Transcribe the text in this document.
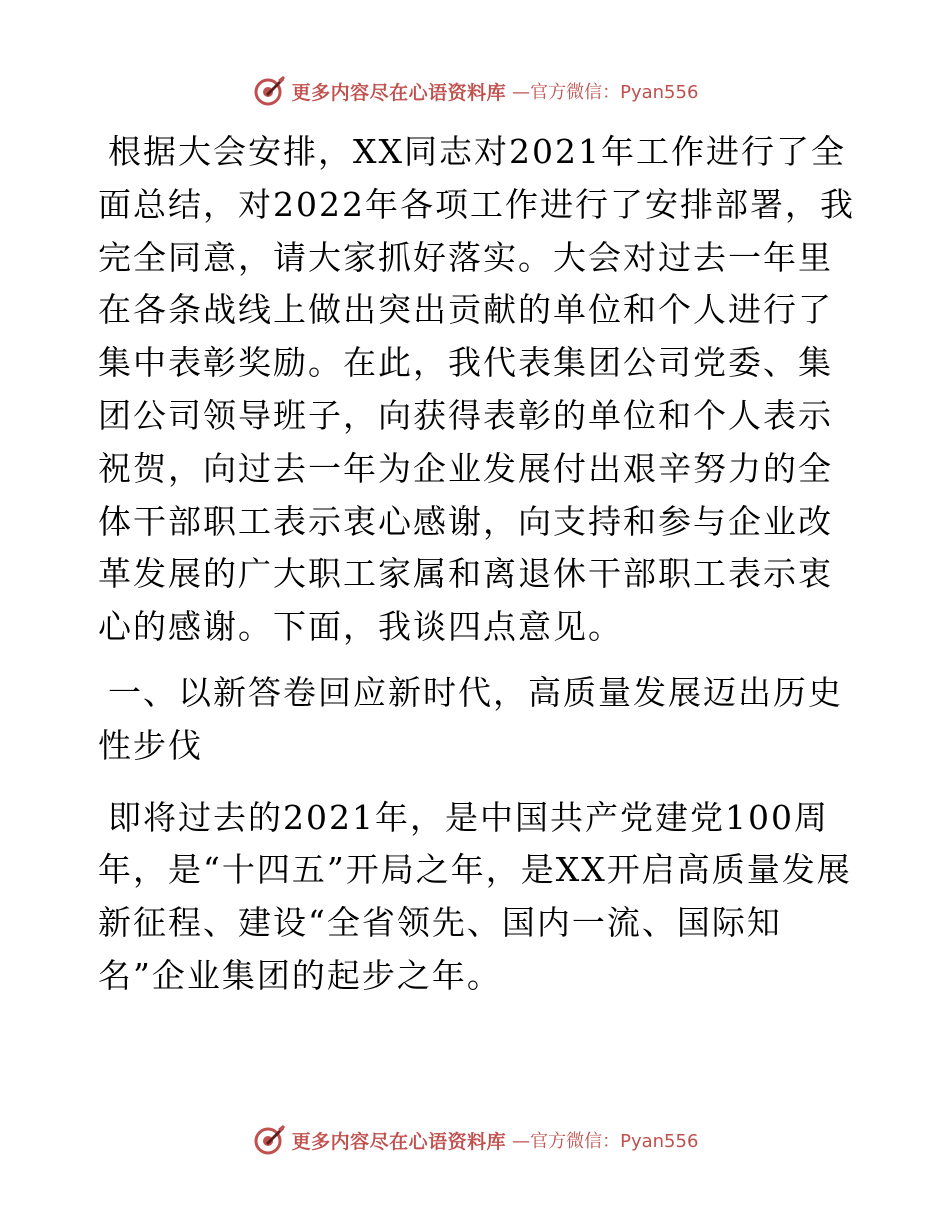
更多内容尽在心语资料库 —官方微信：Pyan556

根据大会安排，XX同志对2021年工作进行了全面总结，对2022年各项工作进行了安排部署，我完全同意，请大家抓好落实。大会对过去一年里在各条战线上做出突出贡献的单位和个人进行了集中表彰奖励。在此，我代表集团公司党委、集团公司领导班子，向获得表彰的单位和个人表示祝贺，向过去一年为企业发展付出艰辛努力的全体干部职工表示衷心感谢，向支持和参与企业改革发展的广大职工家属和离退休干部职工表示衷心的感谢。下面，我谈四点意见。

一、以新答卷回应新时代，高质量发展迈出历史性步伐

即将过去的2021年，是中国共产党建党100周年，是“十四五”开局之年，是XX开启高质量发展新征程、建设“全省领先、国内一流、国际知名”企业集团的起步之年。

更多内容尽在心语资料库 —官方微信：Pyan556
